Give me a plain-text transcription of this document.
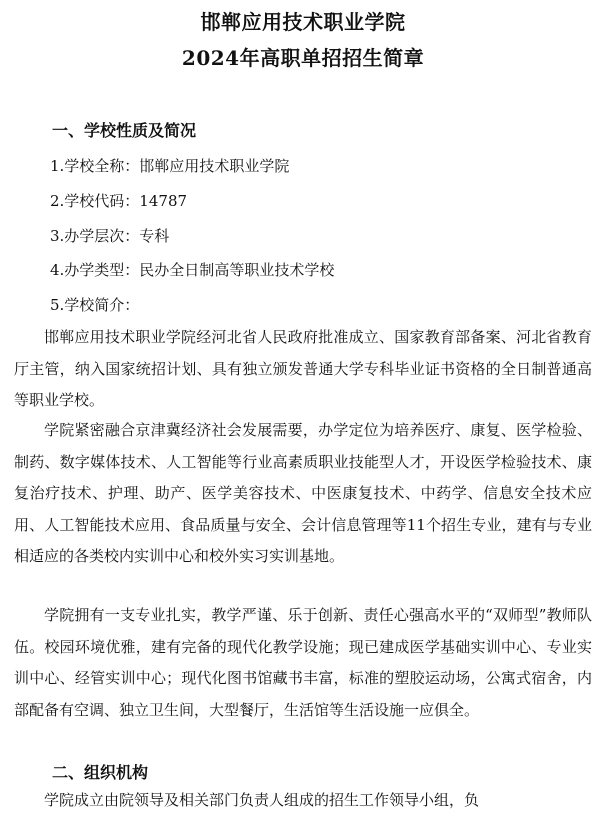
邯郸应用技术职业学院
2024年高职单招招生简章
一、学校性质及简况

1.学校全称：邯郸应用技术职业学院

2.学校代码：14787

3.办学层次：专科

4.办学类型：民办全日制高等职业技术学校

5.学校简介：

邯郸应用技术职业学院经河北省人民政府批准成立、国家教育部备案、河北省教育厅主管，纳入国家统招计划、具有独立颁发普通大学专科毕业证书资格的全日制普通高等职业学校。

学院紧密融合京津冀经济社会发展需要，办学定位为培养医疗、康复、医学检验、制药、数字媒体技术、人工智能等行业高素质职业技能型人才，开设医学检验技术、康复治疗技术、护理、助产、医学美容技术、中医康复技术、中药学、信息安全技术应用、人工智能技术应用、食品质量与安全、会计信息管理等11个招生专业，建有与专业相适应的各类校内实训中心和校外实习实训基地。

学院拥有一支专业扎实，教学严谨、乐于创新、责任心强高水平的“双师型”教师队伍。校园环境优雅，建有完备的现代化教学设施；现已建成医学基础实训中心、专业实训中心、经管实训中心；现代化图书馆藏书丰富，标准的塑胶运动场，公寓式宿舍，内部配备有空调、独立卫生间，大型餐厅，生活馆等生活设施一应俱全。

二、组织机构

学院成立由院领导及相关部门负责人组成的招生工作领导小组，负
